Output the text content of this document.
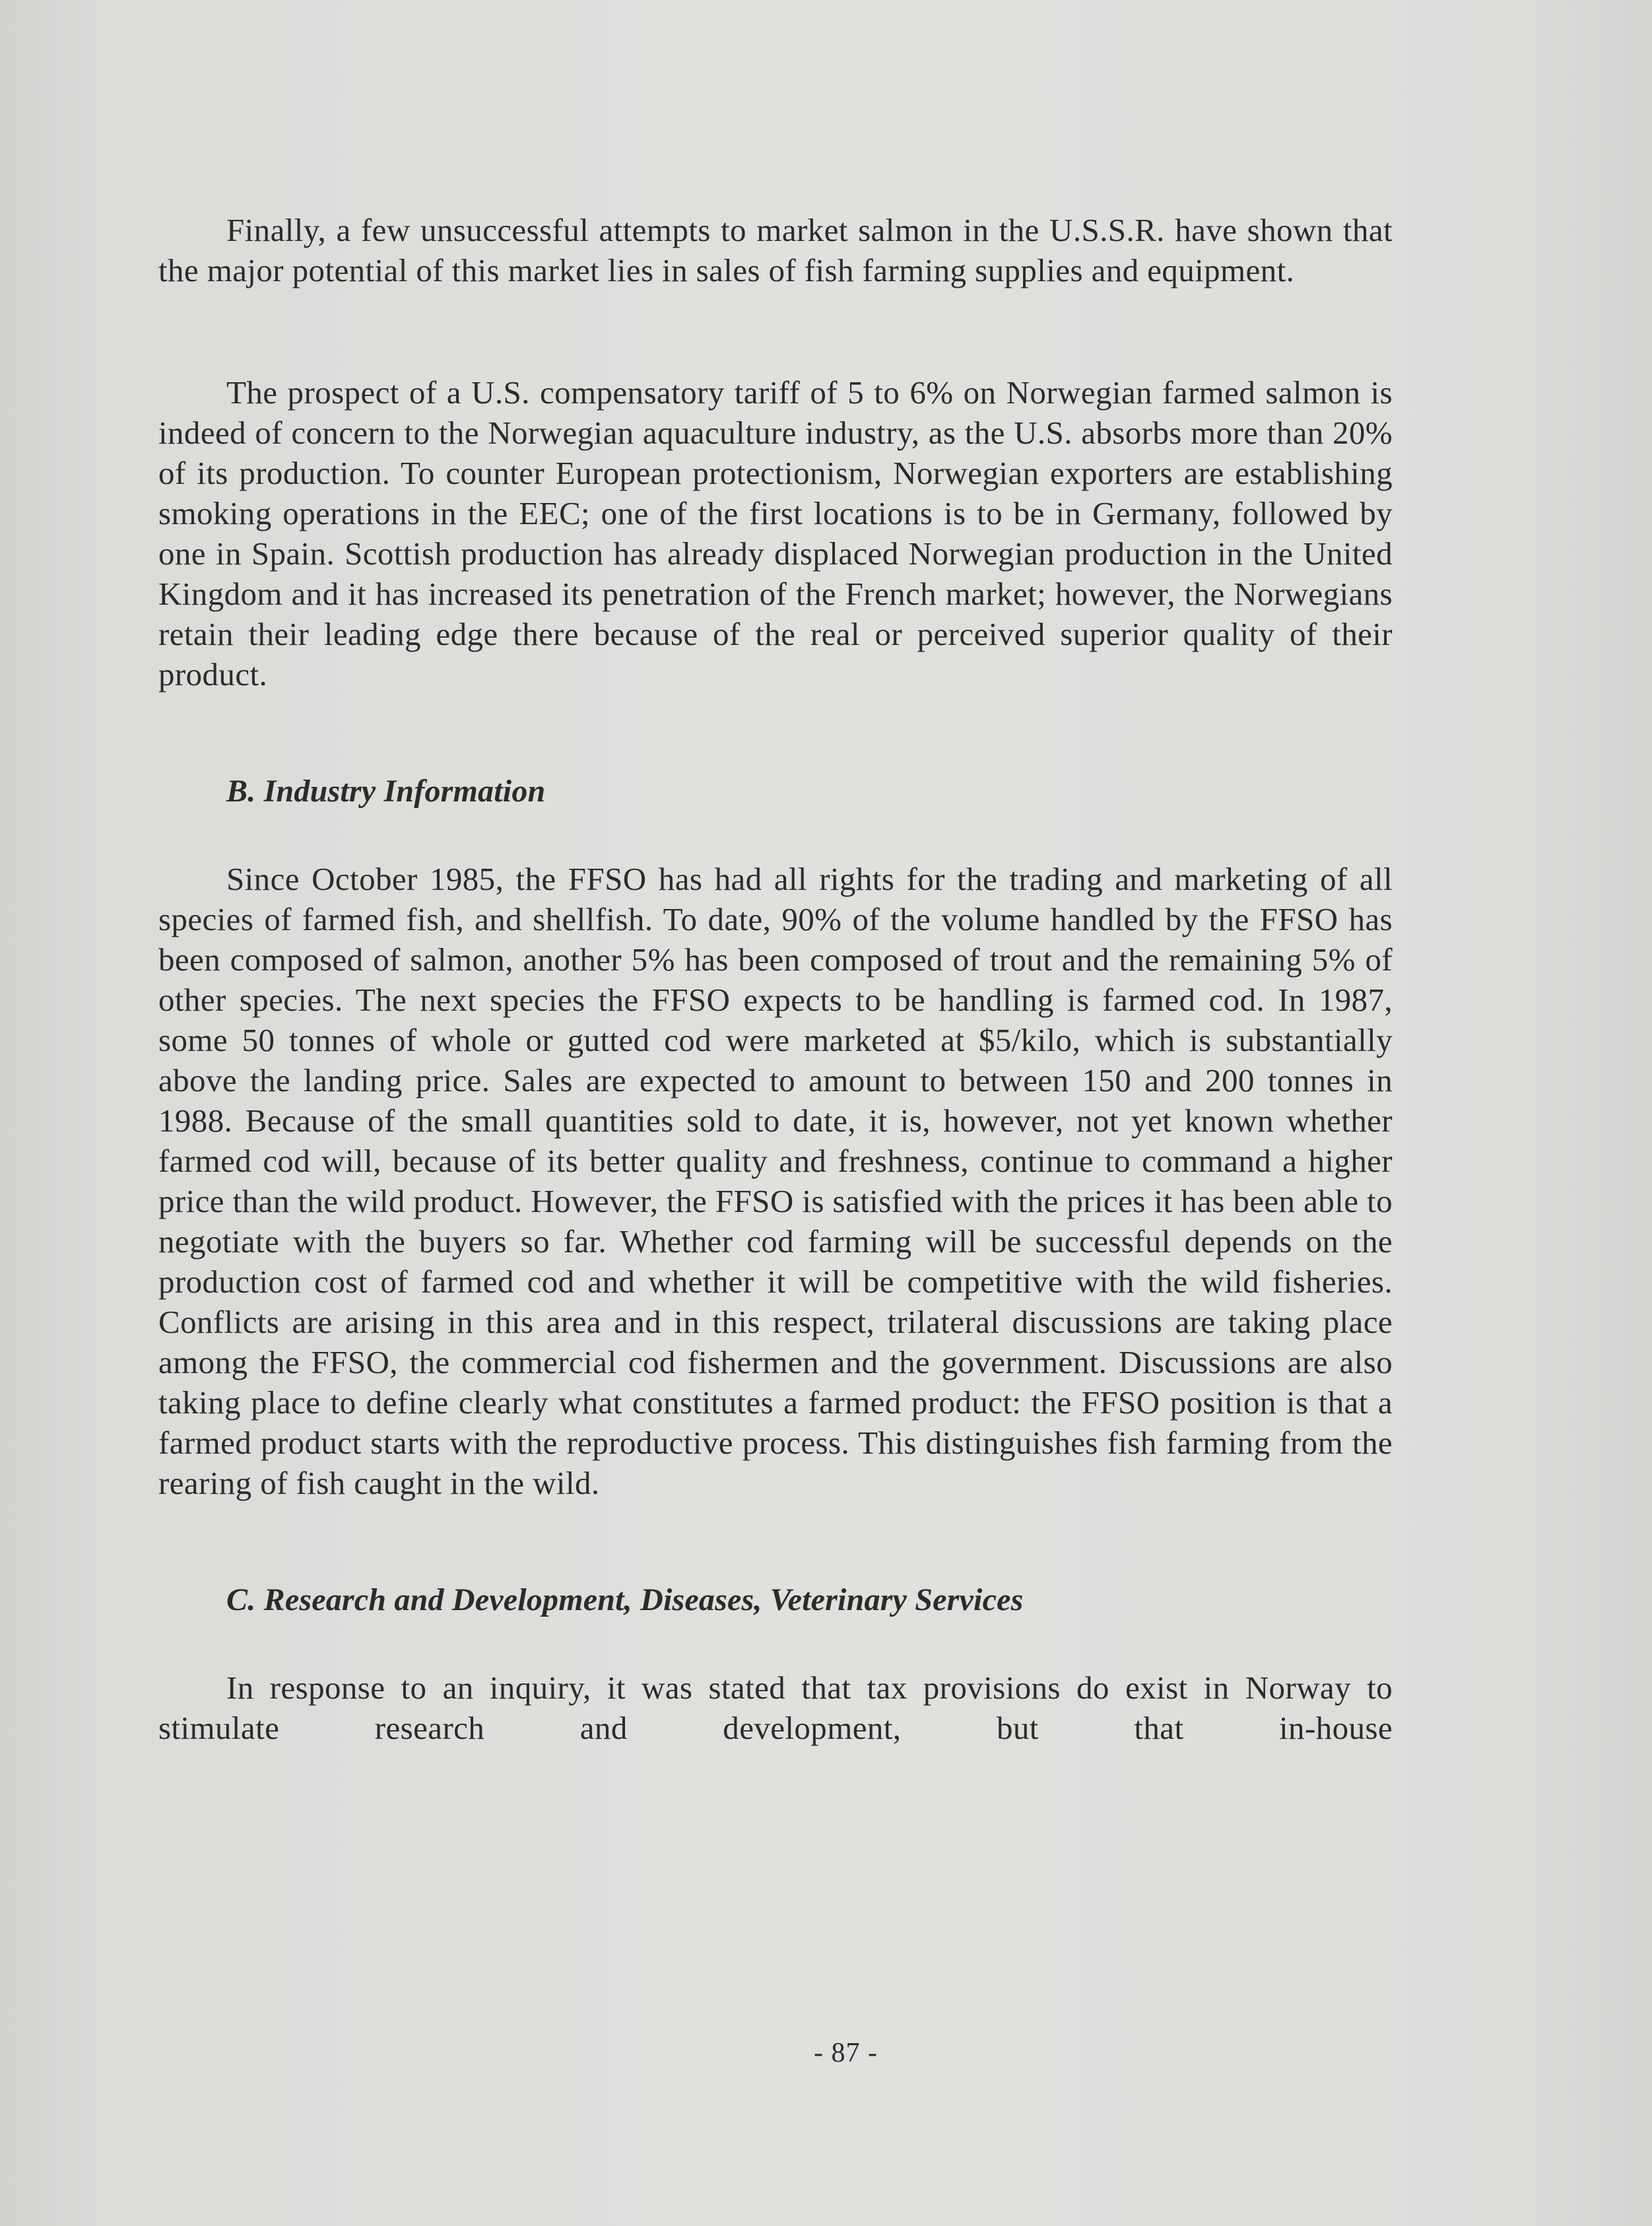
Finally, a few unsuccessful attempts to market salmon in the U.S.S.R. have shown that the major potential of this market lies in sales of fish farming supplies and equipment.

The prospect of a U.S. compensatory tariff of 5 to 6% on Norwegian farmed salmon is indeed of concern to the Norwegian aquaculture industry, as the U.S. absorbs more than 20% of its production. To counter European protectionism, Norwegian exporters are establishing smoking operations in the EEC; one of the first locations is to be in Germany, followed by one in Spain. Scottish production has already displaced Norwegian production in the United Kingdom and it has increased its penetration of the French market; however, the Norwegians retain their leading edge there because of the real or perceived superior quality of their product.

B. Industry Information

Since October 1985, the FFSO has had all rights for the trading and marketing of all species of farmed fish, and shellfish. To date, 90% of the volume handled by the FFSO has been composed of salmon, another 5% has been composed of trout and the remaining 5% of other species. The next species the FFSO expects to be handling is farmed cod. In 1987, some 50 tonnes of whole or gutted cod were marketed at $5/kilo, which is substantially above the landing price. Sales are expected to amount to between 150 and 200 tonnes in 1988. Because of the small quantities sold to date, it is, however, not yet known whether farmed cod will, because of its better quality and freshness, continue to command a higher price than the wild product. However, the FFSO is satisfied with the prices it has been able to negotiate with the buyers so far. Whether cod farming will be successful depends on the production cost of farmed cod and whether it will be competitive with the wild fisheries. Conflicts are arising in this area and in this respect, trilateral discussions are taking place among the FFSO, the commercial cod fishermen and the government. Discussions are also taking place to define clearly what constitutes a farmed product: the FFSO position is that a farmed product starts with the reproductive process. This distinguishes fish farming from the rearing of fish caught in the wild.

C. Research and Development, Diseases, Veterinary Services

In response to an inquiry, it was stated that tax provisions do exist in Norway to stimulate research and development, but that in-house

- 87 -
